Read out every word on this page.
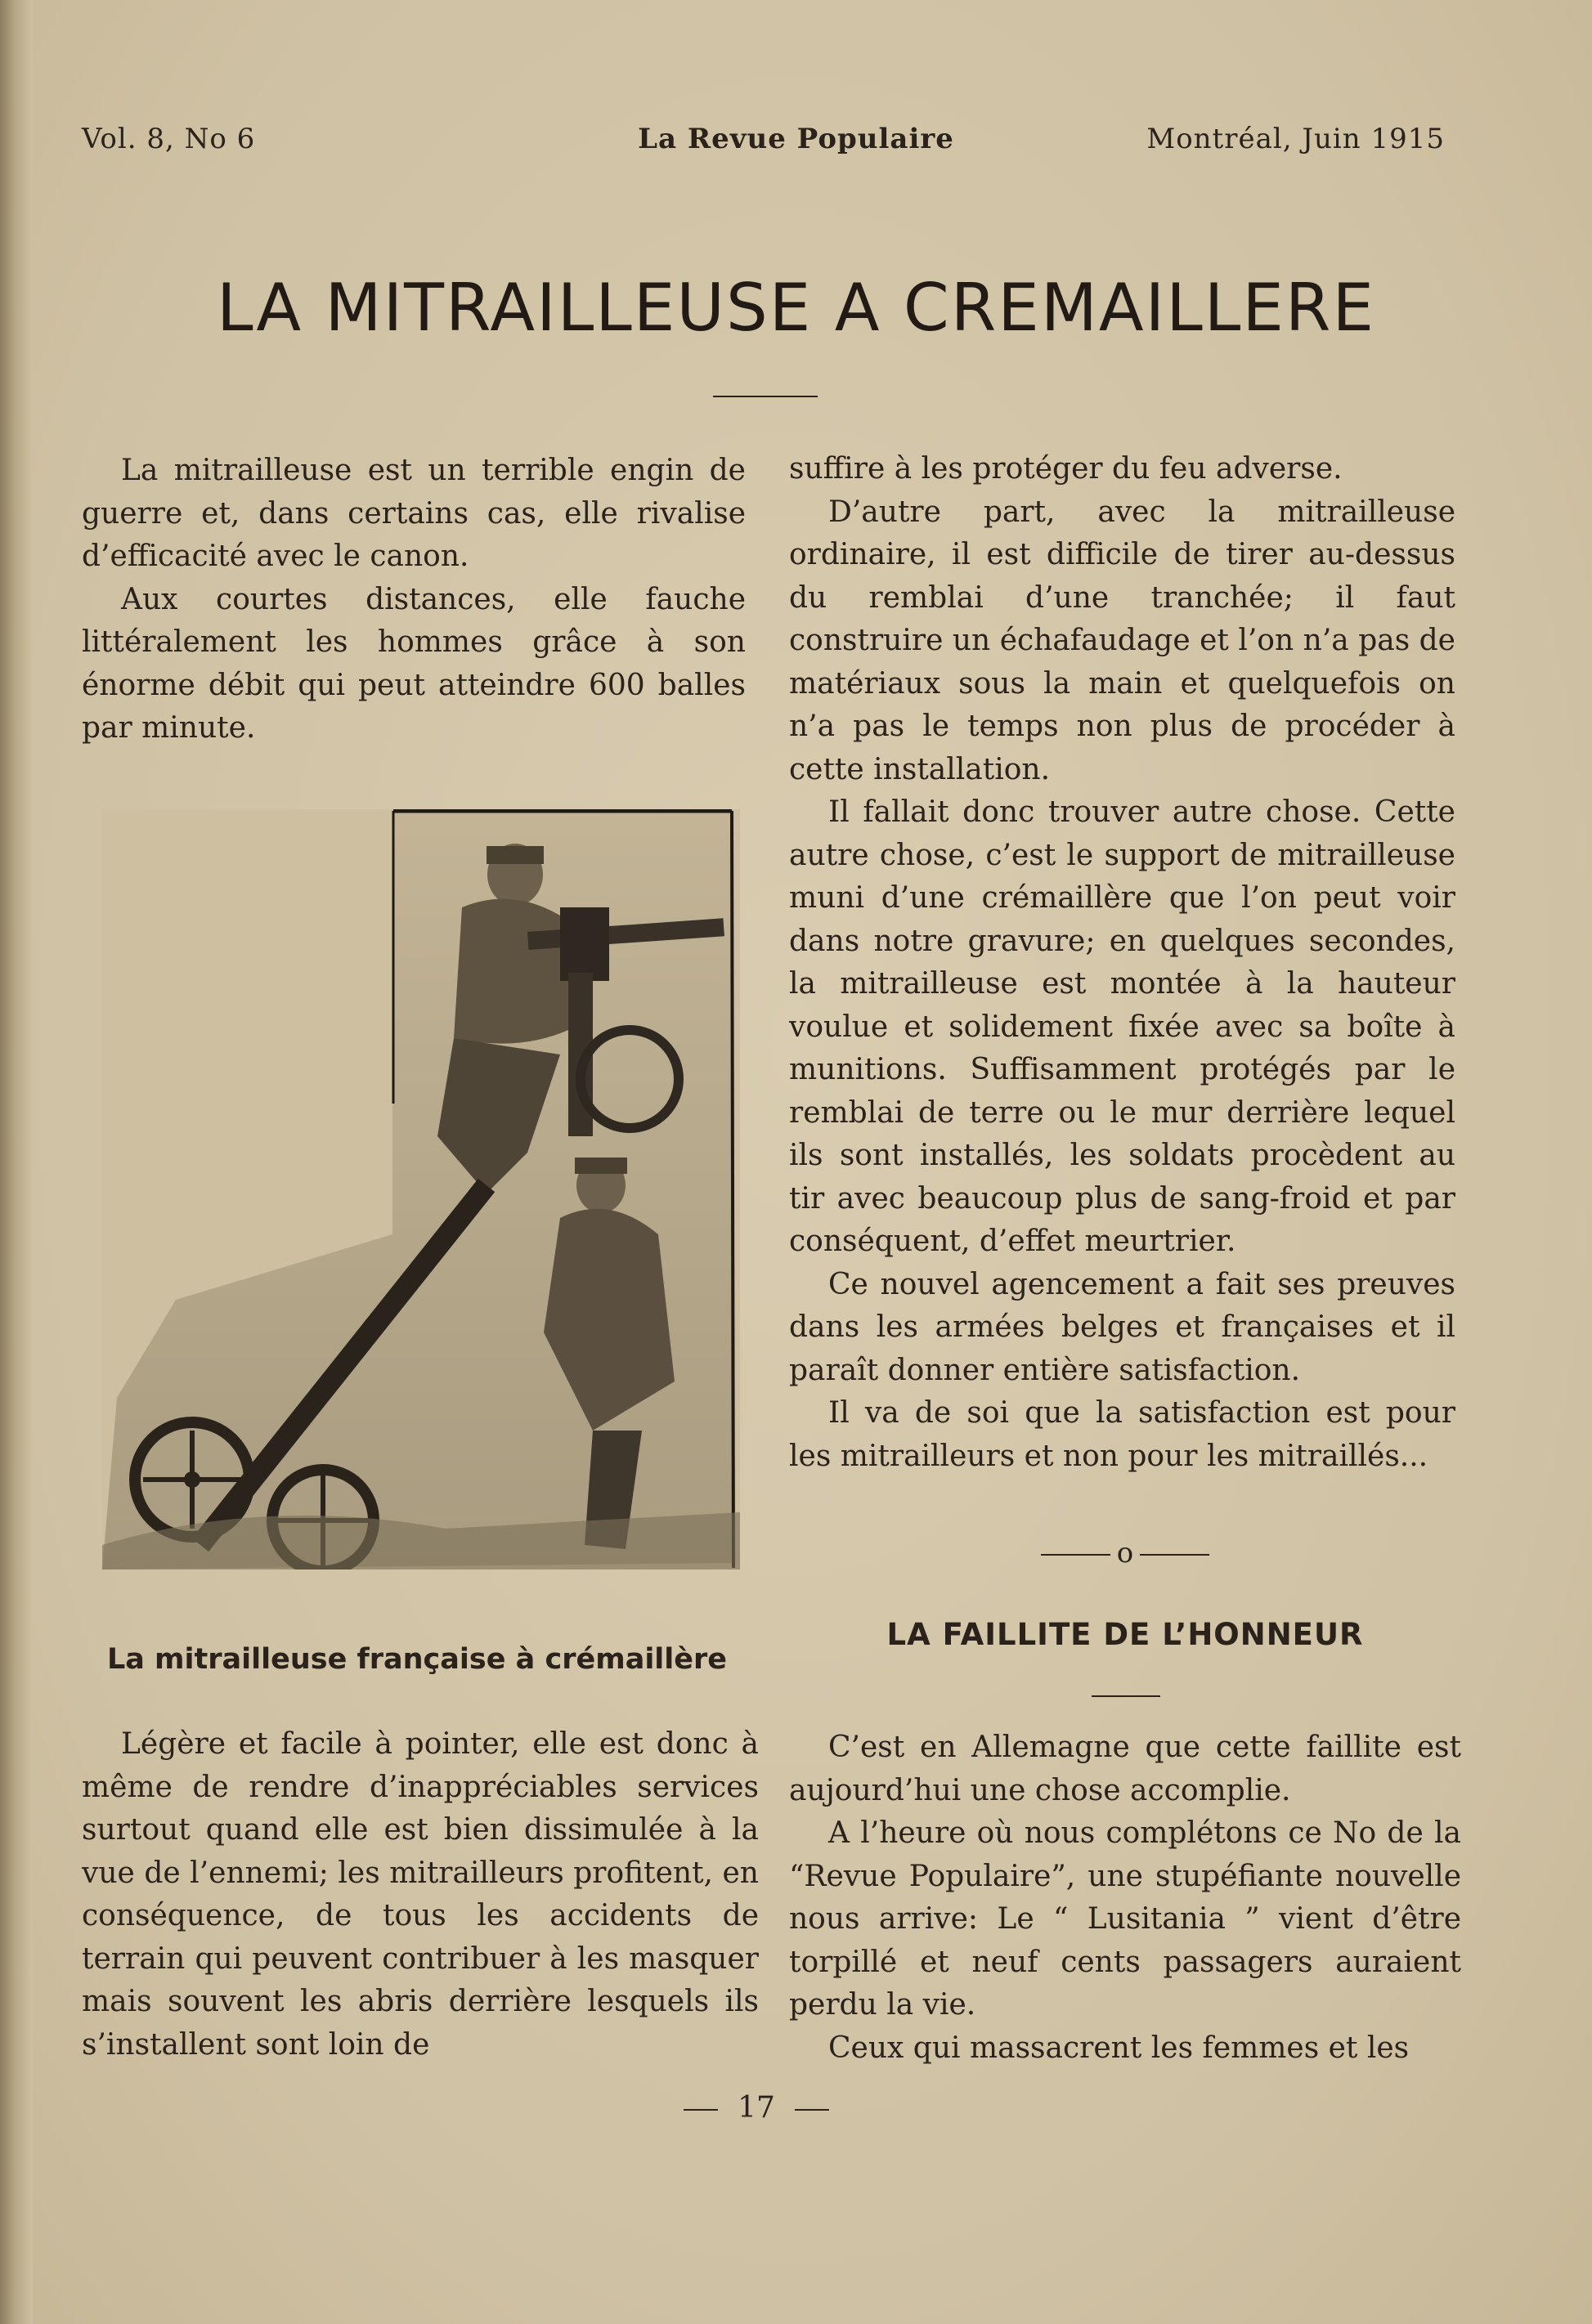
Vol. 8, No 6	La Revue Populaire	Montréal, Juin 1915
LA MITRAILLEUSE A CREMAILLERE

La mitrailleuse est un terrible engin de guerre et, dans certains cas, elle rivalise d’efficacité avec le canon.

Aux courtes distances, elle fauche littéralement les hommes grâce à son énorme débit qui peut atteindre 600 balles par minute.

La mitrailleuse française à crémaillère

Légère et facile à pointer, elle est donc à même de rendre d’inappréciables services surtout quand elle est bien dissimulée à la vue de l’ennemi; les mitrailleurs profitent, en conséquence, de tous les accidents de terrain qui peuvent contribuer à les masquer mais souvent les abris derrière lesquels ils s’installent sont loin de

suffire à les protéger du feu adverse.

D’autre part, avec la mitrailleuse ordinaire, il est difficile de tirer au-dessus du remblai d’une tranchée; il faut construire un échafaudage et l’on n’a pas de matériaux sous la main et quelquefois on n’a pas le temps non plus de procéder à cette installation.

Il fallait donc trouver autre chose. Cette autre chose, c’est le support de mitrailleuse muni d’une crémaillère que l’on peut voir dans notre gravure; en quelques secondes, la mitrailleuse est montée à la hauteur voulue et solidement fixée avec sa boîte à munitions. Suffisamment protégés par le remblai de terre ou le mur derrière lequel ils sont installés, les soldats procèdent au tir avec beaucoup plus de sang-froid et par conséquent, d’effet meurtrier.

Ce nouvel agencement a fait ses preuves dans les armées belges et françaises et il paraît donner entière satisfaction.

Il va de soi que la satisfaction est pour les mitrailleurs et non pour les mitraillés...

o
LA FAILLITE DE L’HONNEUR

C’est en Allemagne que cette faillite est aujourd’hui une chose accomplie.

A l’heure où nous complétons ce No de la “Revue Populaire”, une stupéfiante nouvelle nous arrive: Le “ Lusitania ” vient d’être torpillé et neuf cents passagers auraient perdu la vie.

Ceux qui massacrent les femmes et les

17
